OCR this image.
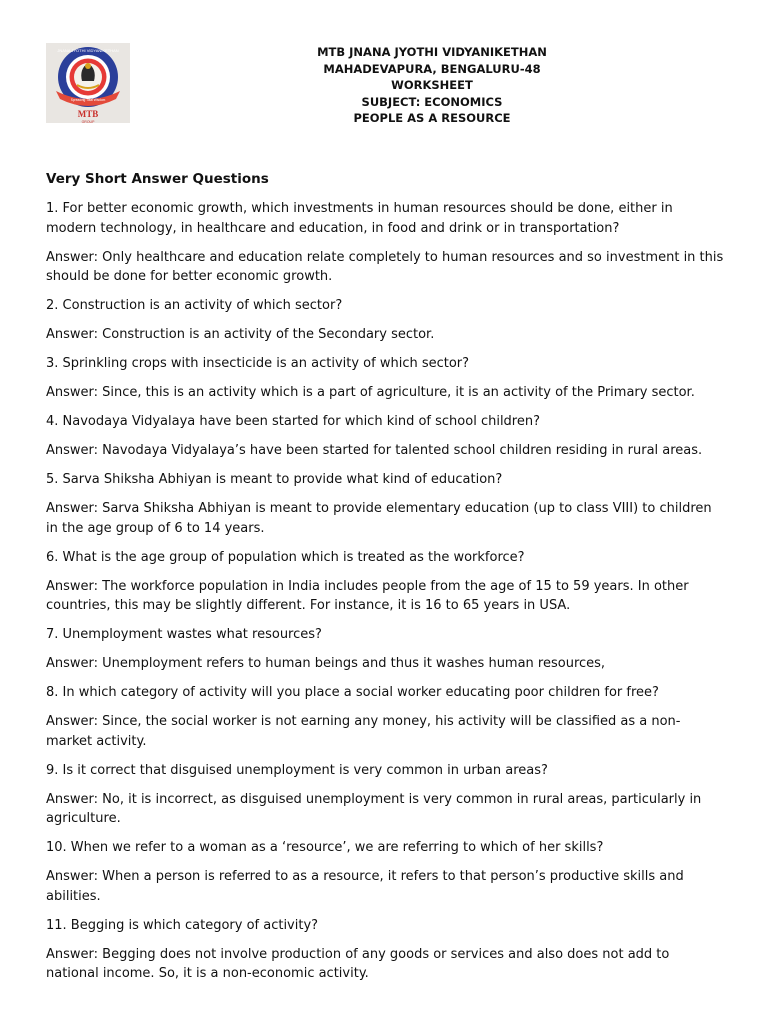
MTB
GROUP
JNANA JYOTHI VIDYANIKETHAN
Spreading Total Wisdom
MTB JNANA JYOTHI VIDYANIKETHAN
MAHADEVAPURA, BENGALURU-48
WORKSHEET
SUBJECT: ECONOMICS
PEOPLE AS A RESOURCE
Very Short Answer Questions

1. For better economic growth, which investments in human resources should be done, either in modern technology, in healthcare and education, in food and drink or in transportation?

Answer: Only healthcare and education relate completely to human resources and so investment in this should be done for better economic growth.

2. Construction is an activity of which sector?

Answer: Construction is an activity of the Secondary sector.

3. Sprinkling crops with insecticide is an activity of which sector?

Answer: Since, this is an activity which is a part of agriculture, it is an activity of the Primary sector.

4. Navodaya Vidyalaya have been started for which kind of school children?

Answer: Navodaya Vidyalaya’s have been started for talented school children residing in rural areas.

5. Sarva Shiksha Abhiyan is meant to provide what kind of education?

Answer: Sarva Shiksha Abhiyan is meant to provide elementary education (up to class VIII) to children in the age group of 6 to 14 years.

6. What is the age group of population which is treated as the workforce?

Answer: The workforce population in India includes people from the age of 15 to 59 years. In other countries, this may be slightly different. For instance, it is 16 to 65 years in USA.

7. Unemployment wastes what resources?

Answer: Unemployment refers to human beings and thus it washes human resources,

8. In which category of activity will you place a social worker educating poor children for free?

Answer: Since, the social worker is not earning any money, his activity will be classified as a non-market activity.

9. Is it correct that disguised unemployment is very common in urban areas?

Answer: No, it is incorrect, as disguised unemployment is very common in rural areas, particularly in agriculture.

10. When we refer to a woman as a ‘resource’, we are referring to which of her skills?

Answer: When a person is referred to as a resource, it refers to that person’s productive skills and abilities.

11. Begging is which category of activity?

Answer: Begging does not involve production of any goods or services and also does not add to national income. So, it is a non-economic activity.
